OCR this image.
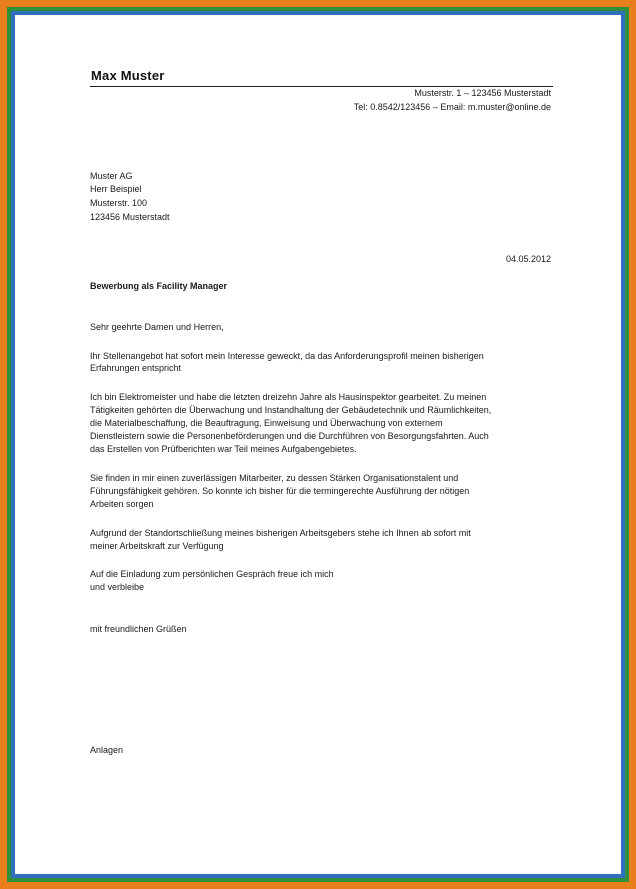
Max Muster
Musterstr. 1 – 123456 Musterstadt
Tel: 0.8542/123456 – Email: m.muster@online.de
Muster AG
Herr Beispiel
Musterstr. 100
123456 Musterstadt
04.05.2012
Bewerbung als Facility Manager
Sehr geehrte Damen und Herren,
Ihr Stellenangebot hat sofort mein Interesse geweckt, da das Anforderungsprofil meinen bisherigen
Erfahrungen entspricht
Ich bin Elektromeister und habe die letzten dreizehn Jahre als Hausinspektor gearbeitet. Zu meinen
Tätigkeiten gehörten die Überwachung und Instandhaltung der Gebäudetechnik und Räumlichkeiten,
die Materialbeschaffung, die Beauftragung, Einweisung und Überwachung von externem
Dienstleistern sowie die Personenbeförderungen und die Durchführen von Besorgungsfahrten. Auch
das Erstellen von Prüfberichten war Teil meines Aufgabengebietes.
Sie finden in mir einen zuverlässigen Mitarbeiter, zu dessen Stärken Organisationstalent und
Führungsfähigkeit gehören. So konnte ich bisher für die termingerechte Ausführung der nötigen
Arbeiten sorgen
Aufgrund der Standortschließung meines bisherigen Arbeitsgebers stehe ich Ihnen ab sofort mit
meiner Arbeitskraft zur Verfügung
Auf die Einladung zum persönlichen Gespräch freue ich mich
und verbleibe
mit freundlichen Grüßen
Anlagen
